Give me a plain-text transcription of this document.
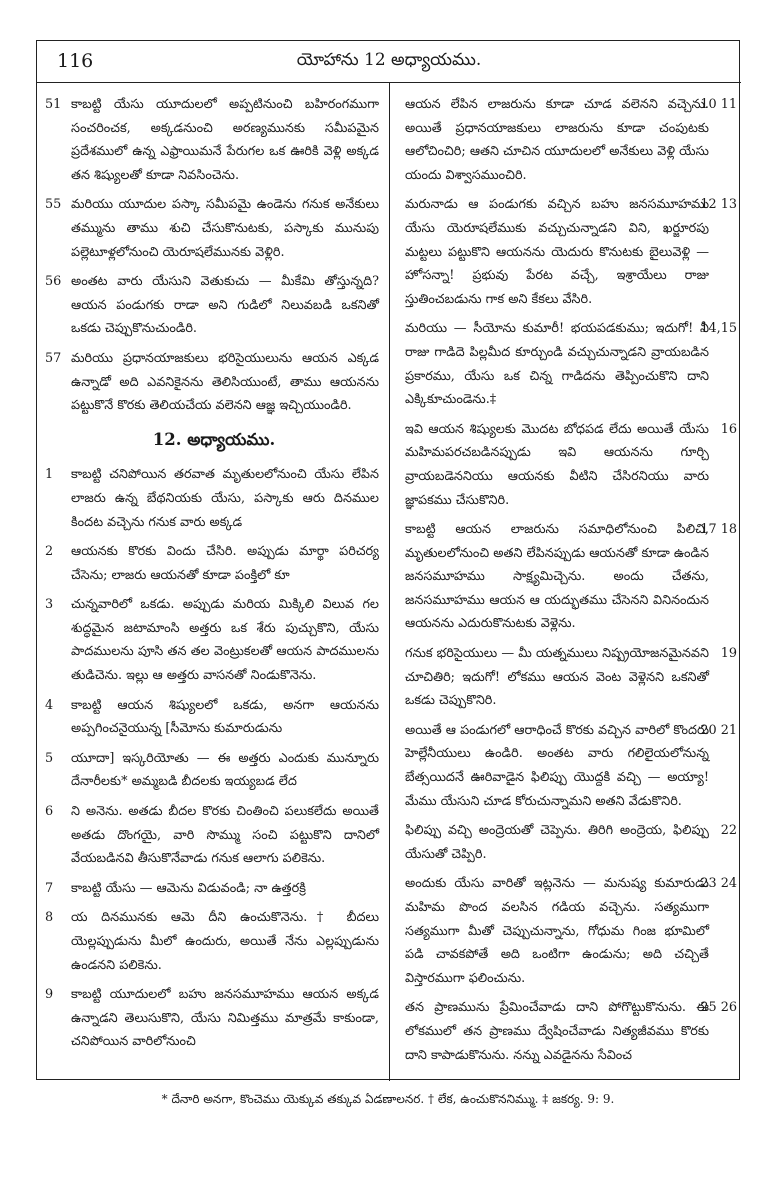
116	యోహాను 12 అధ్యాయము.

51 కాబట్టి యేసు యూదులలో అప్పటినుంచి బహిరంగముగా సంచరించక, అక్కడనుంచి అరణ్యమునకు సమీపమైన ప్రదేశములో ఉన్న ఎఫ్రాయిమనే పేరుగల ఒక ఊరికి వెళ్లి అక్కడ తన శిష్యులతో కూడా నివసించెను.

55 మరియు యూదుల పస్కా సమీపమై ఉండెను గనుక అనేకులు తమ్మును తాము శుచి చేసుకొనుటకు, పస్కాకు మునుపు పల్లెటూళ్లలోనుంచి యెరూషలేమునకు వెళ్లిరి.

56 అంతట వారు యేసుని వెతుకుచు — మీకేమి తోస్తున్నది? ఆయన పండుగకు రాడా అని గుడిలో నిలువబడి ఒకనితో ఒకడు చెప్పుకొనుచుండిరి.

57 మరియు ప్రధానయాజకులు భరిసైయులును ఆయన ఎక్కడ ఉన్నాడో అది ఎవనికైనను తెలిసియుంటే, తాము ఆయనను పట్టుకొనే కొరకు తెలియచేయ వలెనని ఆజ్ఞ ఇచ్చియుండిరి.

12. అధ్యాయము.

1 కాబట్టి చనిపోయిన తరవాత మృతులలోనుంచి యేసు లేపిన లాజరు ఉన్న బేథనియకు యేసు, పస్కాకు ఆరు దినముల కిందట వచ్చెను గనుక వారు అక్కడ

2 ఆయనకు కొరకు విందు చేసిరి. అప్పుడు మార్థా పరిచర్య చేసెను; లాజరు ఆయనతో కూడా పంక్తిలో కూ

3 చున్నవారిలో ఒకడు. అప్పుడు మరియ మిక్కిలి విలువ గల శుద్ధమైన జటామాంసి అత్తరు ఒక శేరు పుచ్చుకొని, యేసు పాదములను పూసి తన తల వెంట్రుకలతో ఆయన పాదములను తుడిచెను. ఇల్లు ఆ అత్తరు వాసనతో నిండుకొనెను.

4 కాబట్టి ఆయన శిష్యులలో ఒకడు, అనగా ఆయనను అప్పగించనైయున్న [సీమోను కుమారుడును

5 యూదా] ఇస్కరియోతు — ఈ అత్తరు ఎందుకు మున్నూరు దేనారీలకు* అమ్మబడి బీదలకు ఇయ్యబడ లేద

6 ని అనెను. అతడు బీదల కొరకు చింతించి పలుకలేదు అయితే అతడు దొంగయై, వారి సొమ్ము సంచి పట్టుకొని దానిలో వేయబడినవి తీసుకొనేవాడు గనుక ఆలాగు పలికెను.

7 కాబట్టి యేసు — ఆమెను విడువండి; నా ఉత్తరక్రి

8 య దినమునకు ఆమె దీని ఉంచుకొనెను.† బీదలు యెల్లప్పుడును మీలో ఉందురు, అయితే నేను ఎల్లప్పుడును ఉండనని పలికెను.

9 కాబట్టి యూదులలో బహు జనసమూహము ఆయన అక్కడ ఉన్నాడని తెలుసుకొని, యేసు నిమిత్తము మాత్రమే కాకుండా, చనిపోయిన వారిలోనుంచి

10 11
ఆయన లేపిన లాజరును కూడా చూడ వలెనని వచ్చెను. అయితే ప్రధానయాజకులు లాజరును కూడా చంపుటకు ఆలోచించిరి; ఆతని చూచిన యూదులలో అనేకులు వెళ్లి యేసు యందు విశ్వాసముంచిరి.

12 13
మరునాడు ఆ పండుగకు వచ్చిన బహు జనసమూహము యేసు యెరూషలేముకు వచ్చుచున్నాడని విని, ఖర్జూరపు మట్టలు పట్టుకొని ఆయనను యెదురు కొనుటకు బైలువెళ్లి — హోసన్నా! ప్రభువు పేరట వచ్చే, ఇశ్రాయేలు రాజు స్తుతించబడును గాక అని కేకలు వేసిరి.

14,15
మరియు — సీయోను కుమారీ! భయపడకుము; ఇదుగో! నీ రాజు గాడిదె పిల్లమీద కూర్చుండి వచ్చుచున్నాడని వ్రాయబడిన ప్రకారము, యేసు ఒక చిన్న గాడిదను తెప్పించుకొని దాని ఎక్కికూచుండెను.‡

16
ఇవి ఆయన శిష్యులకు మొదట బోధపడ లేదు అయితే యేసు మహిమపరచబడినప్పుడు ఇవి ఆయనను గూర్చి వ్రాయబడెననియు ఆయనకు వీటిని చేసిరనియు వారు జ్ఞాపకము చేసుకొనిరి.

17 18
కాబట్టి ఆయన లాజరును సమాధిలోనుంచి పిలిచి, మృతులలోనుంచి అతని లేపినప్పుడు ఆయనతో కూడా ఉండిన జనసమూహము సాక్ష్యమిచ్చెను. అందు చేతను, జనసమూహము ఆయన ఆ యద్భుతము చేసెనని వినినందున ఆయనను ఎదురుకొనుటకు వెళ్లెను.

19
గనుక భరిసైయులు — మీ యత్నములు నిష్ప్రయోజనమైనవని చూచితిరి; ఇదుగో! లోకము ఆయన వెంట వెళ్లెనని ఒకనితో ఒకడు చెప్పుకొనిరి.

20 21
అయితే ఆ పండుగలో ఆరాధించే కొరకు వచ్చిన వారిలో కొందరు హెల్లేనీయులు ఉండిరి. అంతట వారు గలిలైయలోనున్న బేత్సయిదనే ఊరివాడైన ఫిలిప్పు యొద్దకి వచ్చి — అయ్యా! మేము యేసుని చూడ కోరుచున్నామని అతని వేడుకొనిరి.

22
ఫిలిప్పు వచ్చి అంద్రెయతో చెప్పెను. తిరిగి అంద్రెయ, ఫిలిప్పు యేసుతో చెప్పిరి.

23 24
అందుకు యేసు వారితో ఇట్లనెను — మనుష్య కుమారుడు మహిమ పొంద వలసిన గడియ వచ్చెను. సత్యముగా సత్యముగా మీతో చెప్పుచున్నాను, గోధుమ గింజ భూమిలో పడి చావకపోతే అది ఒంటిగా ఉండును; అది చచ్చితే విస్తారముగా ఫలించును.

25 26
తన ప్రాణమును ప్రేమించేవాడు దాని పోగొట్టుకొనును. ఈ లోకములో తన ప్రాణము ద్వేషించేవాడు నిత్యజీవము కొరకు దాని కాపాడుకొనును. నన్ను ఎవడైనను సేవించ

* దేనారి అనగా, కొంచెము యెక్కువ తక్కువ ఏడణాలనర. † లేక, ఉంచుకొననిమ్ము. ‡ జకర్య. 9: 9.
